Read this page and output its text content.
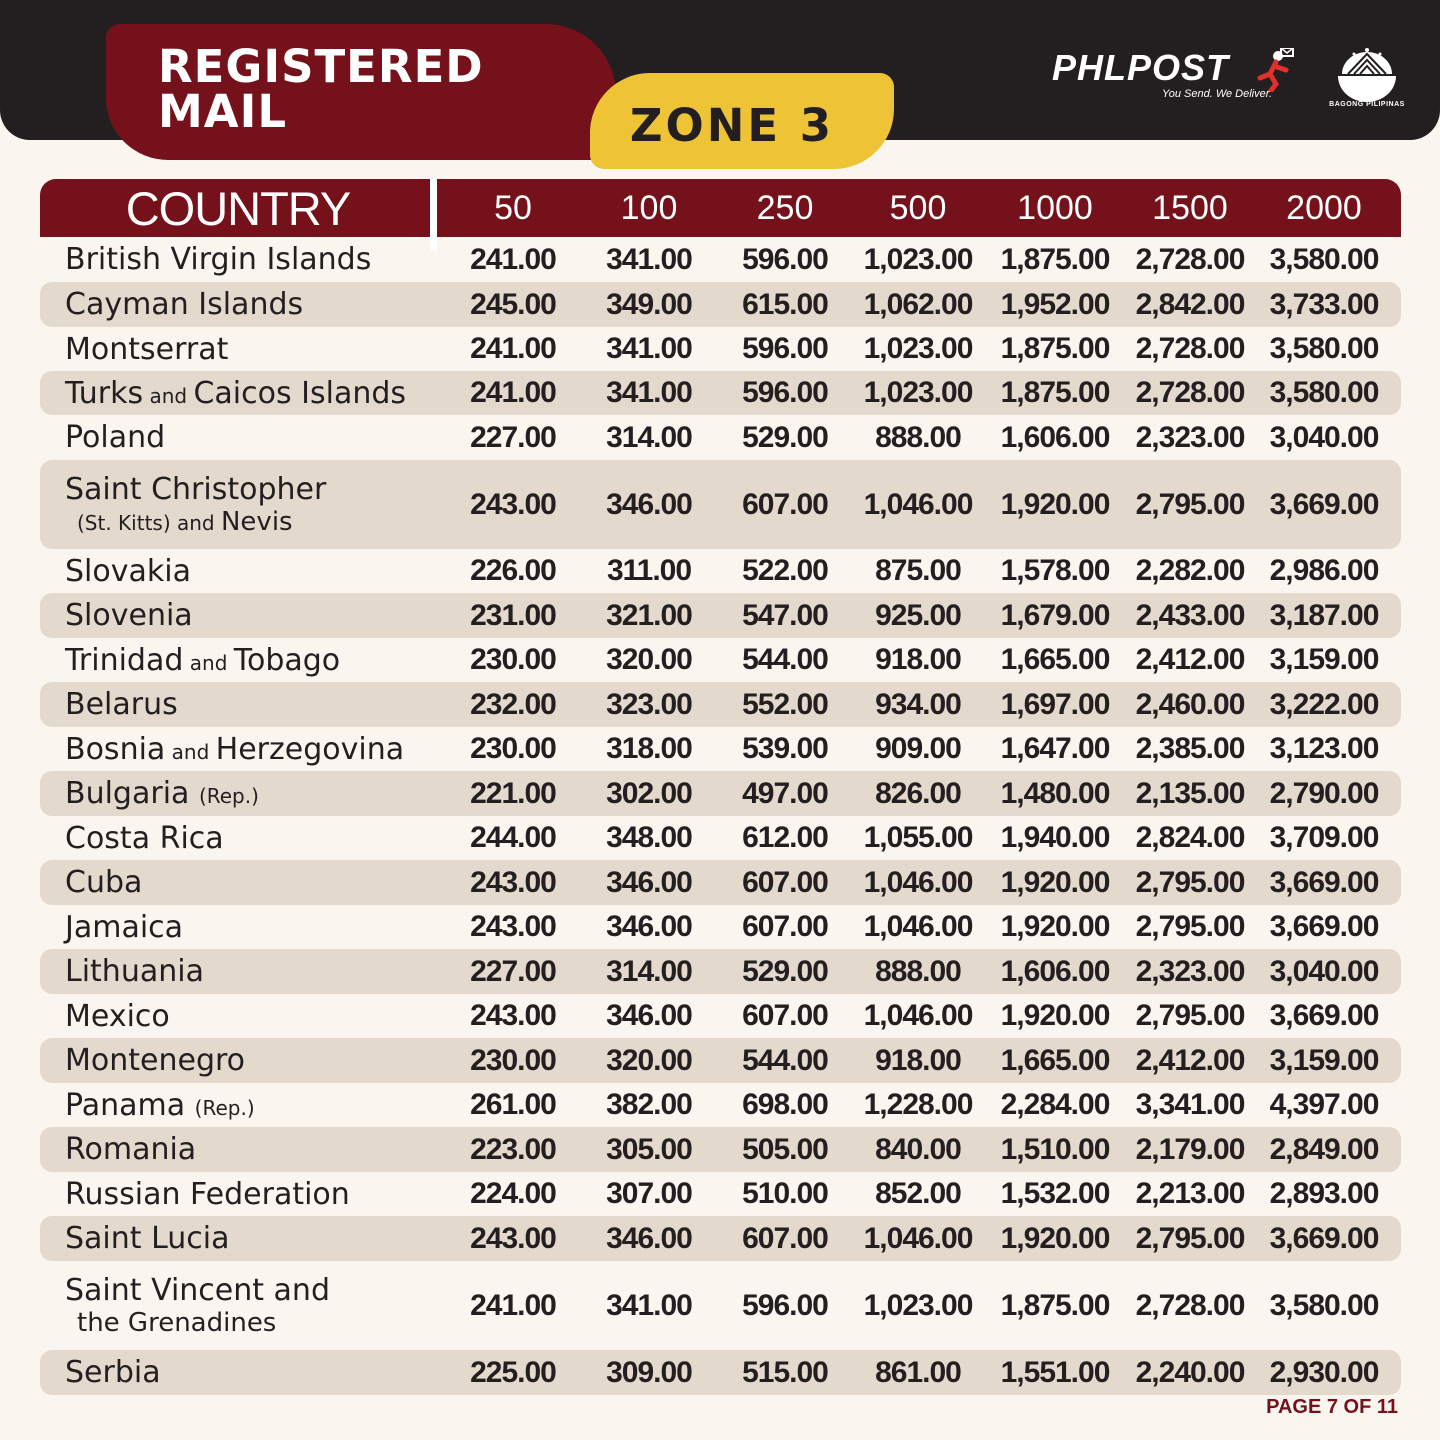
REGISTERED
MAIL	ZONE 3
PHLPOST
You Send. We Deliver.
BAGONG PILIPINAS
COUNTRY	50	100	250	500	1000	1500	2000
British Virgin Islands	241.00	341.00	596.00	1,023.00 1,875.00 2,728.00 3,580.00
Cayman Islands	245.00	349.00	615.00	1,062.00 1,952.00 2,842.00 3,733.00
Montserrat	241.00	341.00	596.00	1,023.00 1,875.00 2,728.00 3,580.00
Turks and Caicos Islands	241.00	341.00	596.00	1,023.00 1,875.00 2,728.00 3,580.00
Poland	227.00	314.00	529.00	888.00	1,606.00 2,323.00 3,040.00
Saint Christopher
(St. Kitts) and Nevis
243.00	346.00	607.00	1,046.00 1,920.00 2,795.00 3,669.00
Slovakia	226.00	311.00	522.00	875.00	1,578.00 2,282.00 2,986.00
Slovenia	231.00	321.00	547.00	925.00	1,679.00 2,433.00 3,187.00
Trinidad and Tobago	230.00	320.00	544.00	918.00	1,665.00 2,412.00 3,159.00
Belarus	232.00	323.00	552.00	934.00	1,697.00 2,460.00 3,222.00
Bosnia and Herzegovina	230.00	318.00	539.00	909.00	1,647.00 2,385.00 3,123.00
Bulgaria (Rep.)	221.00	302.00	497.00	826.00	1,480.00 2,135.00 2,790.00
Costa Rica	244.00	348.00	612.00	1,055.00 1,940.00 2,824.00 3,709.00
Cuba	243.00	346.00	607.00	1,046.00 1,920.00 2,795.00 3,669.00
Jamaica	243.00	346.00	607.00	1,046.00 1,920.00 2,795.00 3,669.00
Lithuania	227.00	314.00	529.00	888.00	1,606.00 2,323.00 3,040.00
Mexico	243.00	346.00	607.00	1,046.00 1,920.00 2,795.00 3,669.00
Montenegro	230.00	320.00	544.00	918.00	1,665.00 2,412.00 3,159.00
Panama (Rep.)	261.00	382.00	698.00	1,228.00 2,284.00 3,341.00 4,397.00
Romania	223.00	305.00	505.00	840.00	1,510.00 2,179.00 2,849.00
Russian Federation	224.00	307.00	510.00	852.00	1,532.00 2,213.00 2,893.00
Saint Lucia	243.00	346.00	607.00	1,046.00 1,920.00 2,795.00 3,669.00
Saint Vincent and
the Grenadines
241.00	341.00	596.00	1,023.00 1,875.00 2,728.00 3,580.00
Serbia	225.00	309.00	515.00	861.00	1,551.00 2,240.00 2,930.00
PAGE 7 OF 11
